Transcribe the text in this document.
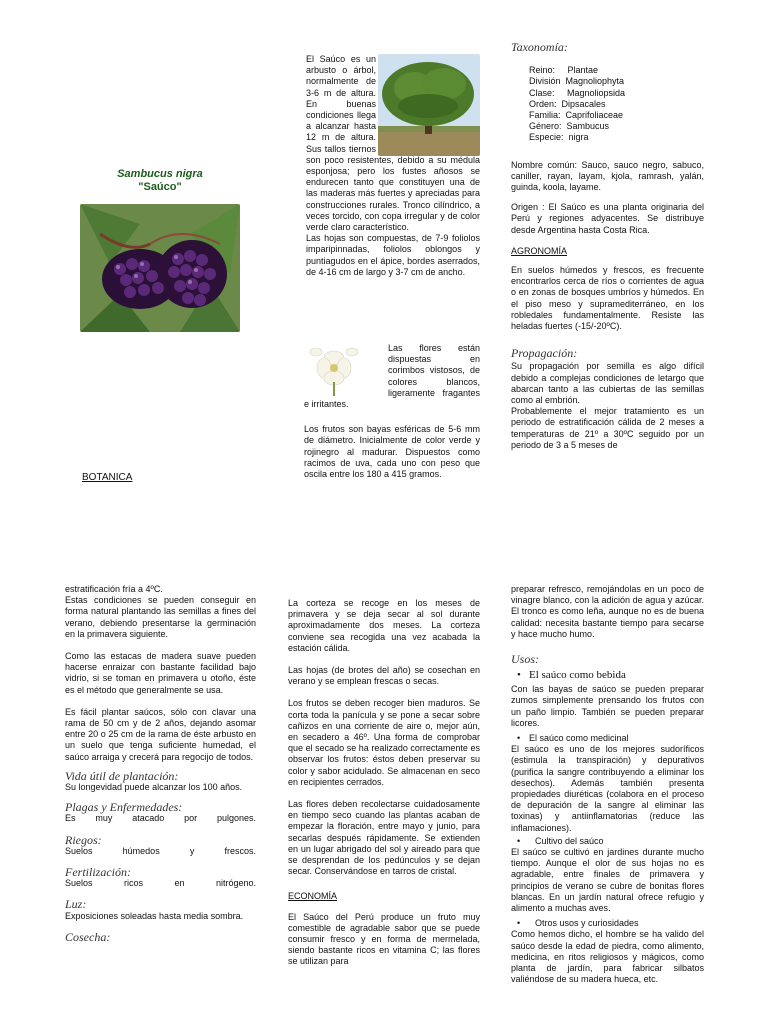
Sambucus nigra
"Saúco"
BOTANICA

El Saúco es un arbusto o árbol, normalmente de 3-6 m de altura. En buenas condiciones llega a alcanzar hasta 12 m de altura. Sus tallos tiernos son poco resistentes, debido a su médula esponjosa; pero los fustes añosos se endurecen tanto que constituyen una de las maderas más fuertes y apreciadas para construcciones rurales. Tronco cilíndrico, a veces torcido, con copa irregular y de color verde claro característico.

Las hojas son compuestas, de 7-9 foliolos imparipinnadas, foliolos oblongos y puntiagudos en el ápice, bordes aserrados, de 4-16 cm de largo y 3-7 cm de ancho.

Las flores están dispuestas en corimbos vistosos, de colores blancos, ligeramente fragantes e irritantes.

Los frutos son bayas esféricas de 5-6 mm de diámetro. Inicialmente de color verde y rojinegro al madurar. Dispuestos como racimos de uva, cada uno con peso que oscila entre los 180 a 415 gramos.

Taxonomía:

Reino:     Plantae

División  Magnoliophyta

Clase:     Magnoliopsida

Orden:  Dipsacales

Familia:  Caprifoliaceae

Género:  Sambucus

Especie:  nigra

Nombre común: Sauco, sauco negro, sabuco, caniller, rayan, layam, kjola, ramrash, yalán, guinda, koola, layame.

Origen : El Saúco es una planta originaria del Perú y regiones adyacentes. Se distribuye desde Argentina hasta Costa Rica.

AGRONOMÍA

En suelos húmedos y frescos, es frecuente encontrarlos cerca de ríos o corrientes de agua o en zonas de bosques umbríos y húmedos. En el piso meso y supramediterráneo, en los robledales fundamentalmente. Resiste las heladas fuertes (-15/-20ºC).

Propagación:

Su propagación por semilla es algo difícil debido a complejas condiciones de letargo que abarcan tanto a las cubiertas de las semillas como al embrión.

Probablemente el mejor tratamiento es un periodo de estratificación cálida de 2 meses a temperaturas de 21º a 30ºC seguido por un periodo de 3 a 5 meses de

estratificación fría a 4ºC.

Estas condiciones se pueden conseguir en forma natural plantando las semillas a fines del verano, debiendo presentarse la germinación en la primavera siguiente.

Como las estacas de madera suave pueden hacerse enraizar con bastante facilidad bajo vidrio, si se toman en primavera u otoño, éste es el método que generalmente se usa.

Es fácil plantar saúcos, sólo con clavar una rama de 50 cm y de 2 años, dejando asomar entre 20 o 25 cm de la rama de éste arbusto en un suelo que tenga suficiente humedad, el saúco arraiga y crecerá para regocijo de todos.

Vida útil de plantación:

Su longevidad puede alcanzar los 100 años.

Plagas y Enfermedades:

Es muy atacado por pulgones.

Riegos:

Suelos húmedos y frescos.

Fertilización:

Suelos ricos en nitrógeno.

Luz:

Exposiciones soleadas hasta media sombra.

Cosecha:

La corteza se recoge en los meses de primavera y se deja secar al sol durante aproximadamente dos meses. La corteza conviene sea recogida una vez acabada la estación cálida.

Las hojas (de brotes del año) se cosechan en verano y se emplean frescas o secas.

Los frutos se deben recoger bien maduros. Se corta toda la panícula y se pone a secar sobre cañizos en una corriente de aire o, mejor aún, en secadero a 46º. Una forma de comprobar que el secado se ha realizado correctamente es observar los frutos: éstos deben preservar su color y sabor acidulado. Se almacenan en seco en recipientes cerrados.

Las flores deben recolectarse cuidadosamente en tiempo seco cuando las plantas acaban de empezar la floración, entre mayo y junio, para secarlas después rápidamente. Se extienden en un lugar abrigado del sol y aireado para que se desprendan de los pedúnculos y se dejan secar. Conservándose en tarros de cristal.

ECONOMÍA

El Saúco del Perú produce un fruto muy comestible de agradable sabor que se puede consumir fresco y en forma de mermelada, siendo bastante ricos en vitamina C; las flores se utilizan para

preparar refresco, remojándolas en un poco de vinagre blanco, con la adición de agua y azúcar. El tronco es como leña, aunque no es de buena calidad: necesita bastante tiempo para secarse y hace mucho humo.

Usos:

• El saúco como bebida

Con las bayas de saúco se pueden preparar zumos simplemente prensando los frutos con un paño limpio. También se pueden preparar licores.

• El saúco como medicinal

El saúco es uno de los mejores sudoríficos (estimula la transpiración) y depurativos (purifica la sangre contribuyendo a eliminar los desechos). Además también presenta propiedades diuréticas (colabora en el proceso de depuración de la sangre al eliminar las toxinas) y antiinflamatorias (reduce las inflamaciones).

• Cultivo del saúco

El saúco se cultivó en jardines durante mucho tiempo. Aunque el olor de sus hojas no es agradable, entre finales de primavera y principios de verano se cubre de bonitas flores blancas. En un jardín natural ofrece refugio y alimento a muchas aves.

• Otros usos y curiosidades

Como hemos dicho, el hombre se ha valido del saúco desde la edad de piedra, como alimento, medicina, en ritos religiosos y mágicos, como planta de jardín, para fabricar silbatos valiéndose de su madera hueca, etc.
